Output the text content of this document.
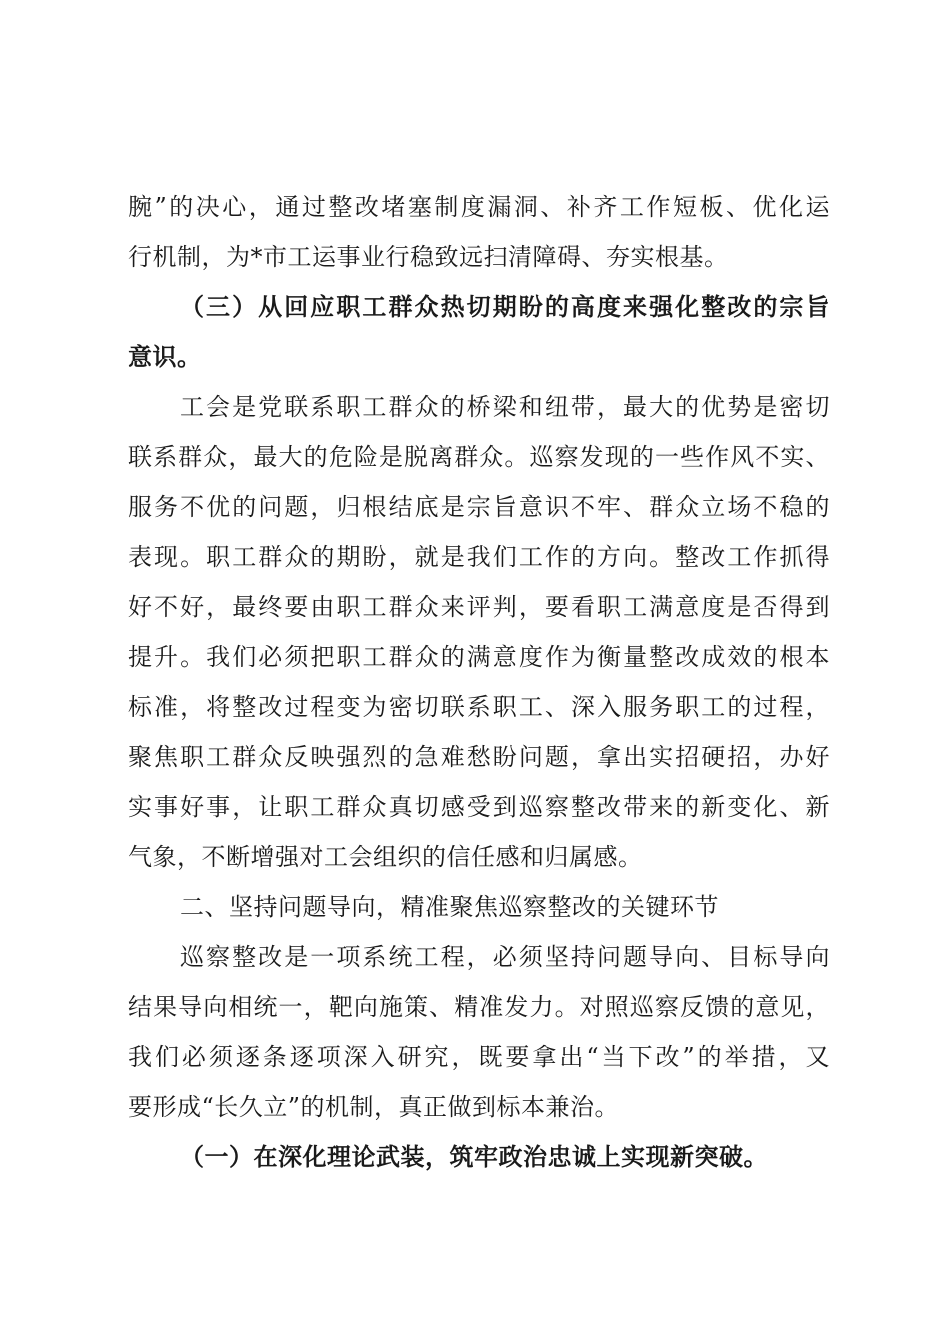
腕”的决心，通过整改堵塞制度漏洞、补齐工作短板、优化运
行机制，为*市工运事业行稳致远扫清障碍、夯实根基。
（三）从回应职工群众热切期盼的高度来强化整改的宗旨
意识。
工会是党联系职工群众的桥梁和纽带，最大的优势是密切
联系群众，最大的危险是脱离群众。巡察发现的一些作风不实、
服务不优的问题，归根结底是宗旨意识不牢、群众立场不稳的
表现。职工群众的期盼，就是我们工作的方向。整改工作抓得
好不好，最终要由职工群众来评判，要看职工满意度是否得到
提升。我们必须把职工群众的满意度作为衡量整改成效的根本
标准，将整改过程变为密切联系职工、深入服务职工的过程，
聚焦职工群众反映强烈的急难愁盼问题，拿出实招硬招，办好
实事好事，让职工群众真切感受到巡察整改带来的新变化、新
气象，不断增强对工会组织的信任感和归属感。
二、坚持问题导向，精准聚焦巡察整改的关键环节
巡察整改是一项系统工程，必须坚持问题导向、目标导向
结果导向相统一，靶向施策、精准发力。对照巡察反馈的意见，
我们必须逐条逐项深入研究，既要拿出“当下改”的举措，又
要形成“长久立”的机制，真正做到标本兼治。
（一）在深化理论武装，筑牢政治忠诚上实现新突破。
